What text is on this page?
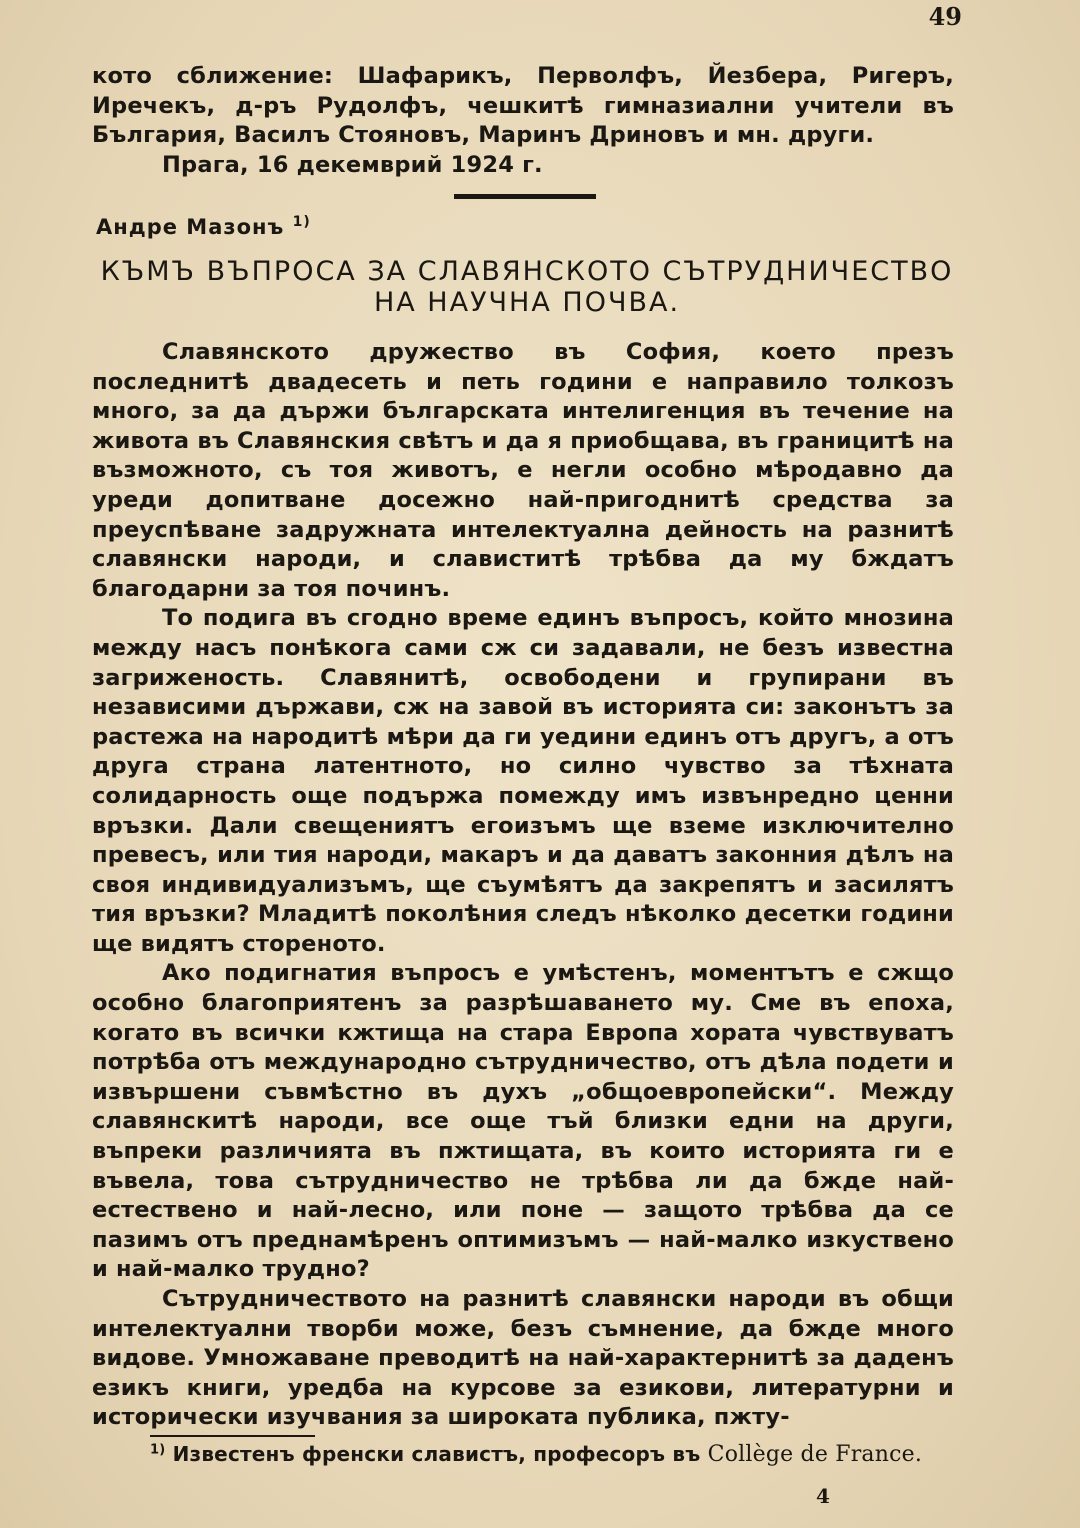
49

кото сближение: Шафарикъ, Перволфъ, Йезбера, Ригеръ, Иречекъ, д-ръ Рудолфъ, чешкитѣ гимназиални учители въ България, Василъ Стояновъ, Маринъ Дриновъ и мн. други.

Прага, 16 декемврий 1924 г.

Андре Мазонъ $^{1)}$
КЪМЪ ВЪПРОСА ЗА СЛАВЯНСКОТО СЪТРУДНИЧЕСТВО
НА НАУЧНА ПОЧВА.

Славянското дружество въ София, което презъ последнитѣ двадесеть и петь години е направило толкозъ много, за да държи българската интелигенция въ течение на живота въ Славянския свѣтъ и да я приобщава, въ границитѣ на възможното, съ тоя животъ, е негли особно мѣродавно да уреди допитване досежно най-пригоднитѣ средства за преуспѣване задружната интелектуална дейность на разнитѣ славянски народи, и славиститѣ трѣбва да му бждатъ благодарни за тоя починъ.

То подига въ сгодно време единъ въпросъ, който мнозина между насъ понѣкога сами сж си задавали, не безъ известна загриженость. Славянитѣ, освободени и групирани въ независими държави, сж на завой въ историята си: законътъ за растежа на народитѣ мѣри да ги уедини единъ отъ другъ, а отъ друга страна латентното, но силно чувство за тѣхната солидарность още подържа помежду имъ извънредно ценни връзки. Дали свещениятъ егоизъмъ ще вземе изключително превесъ, или тия народи, макаръ и да даватъ законния дѣлъ на своя индивидуализъмъ, ще съумѣятъ да закрепятъ и засилятъ тия връзки? Младитѣ поколѣния следъ нѣколко десетки години ще видятъ стореното.

Ако подигнатия въпросъ е умѣстенъ, моментътъ е сжщо особно благоприятенъ за разрѣшаването му. Сме въ епоха, когато въ всички кжтища на стара Европа хората чувствуватъ потрѣба отъ международно сътрудничество, отъ дѣла подети и извършени съвмѣстно въ духъ „общоевропейски“. Между славянскитѣ народи, все още тъй близки едни на други, въпреки различията въ пжтищата, въ които историята ги е въвела, това сътрудничество не трѣбва ли да бжде най-естествено и най-лесно, или поне — защото трѣбва да се пазимъ отъ преднамѣренъ оптимизъмъ — най-малко изкуствено и най-малко трудно?

Сътрудничеството на разнитѣ славянски народи въ общи интелектуални творби може, безъ съмнение, да бжде много видове. Умножаване преводитѣ на най-характернитѣ за даденъ езикъ книги, уредба на курсове за езикови, литературни и исторически изучвания за широката публика, пжту-

$^{1)}$ Известенъ френски славистъ, професоръ въ Collège de France.
4
